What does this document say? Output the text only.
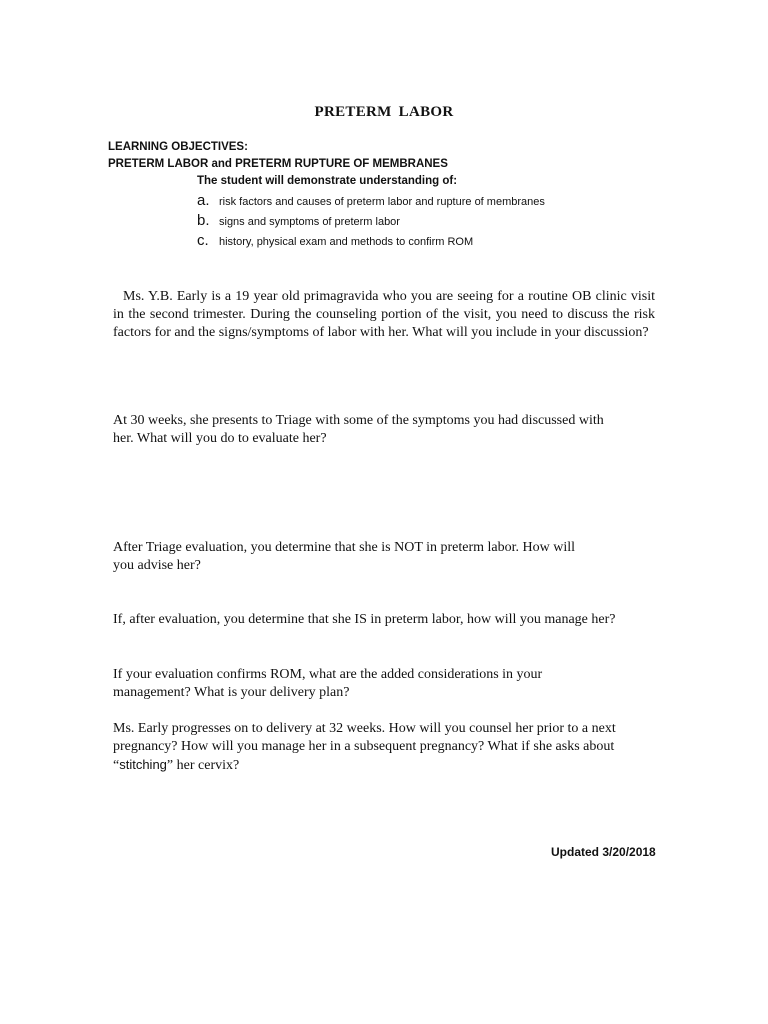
PRETERM LABOR
LEARNING OBJECTIVES:
PRETERM LABOR and PRETERM RUPTURE OF MEMBRANES
The student will demonstrate understanding of:
a. risk factors and causes of preterm labor and rupture of membranes
b. signs and symptoms of preterm labor
c. history, physical exam and methods to confirm ROM

Ms. Y.B. Early is a 19 year old primagravida who you are seeing for a routine OB clinic visit in the second trimester. During the counseling portion of the visit, you need to discuss the risk factors for and the signs/symptoms of labor with her. What will you include in your discussion?

At 30 weeks, she presents to Triage with some of the symptoms you had discussed with
her. What will you do to evaluate her?

After Triage evaluation, you determine that she is NOT in preterm labor. How will
you advise her?

If, after evaluation, you determine that she IS in preterm labor, how will you manage her?

If your evaluation confirms ROM, what are the added considerations in your
management? What is your delivery plan?

Ms. Early progresses on to delivery at 32 weeks. How will you counsel her prior to a next
pregnancy? How will you manage her in a subsequent pregnancy? What if she asks about
“stitching” her cervix?

Updated 3/20/2018
